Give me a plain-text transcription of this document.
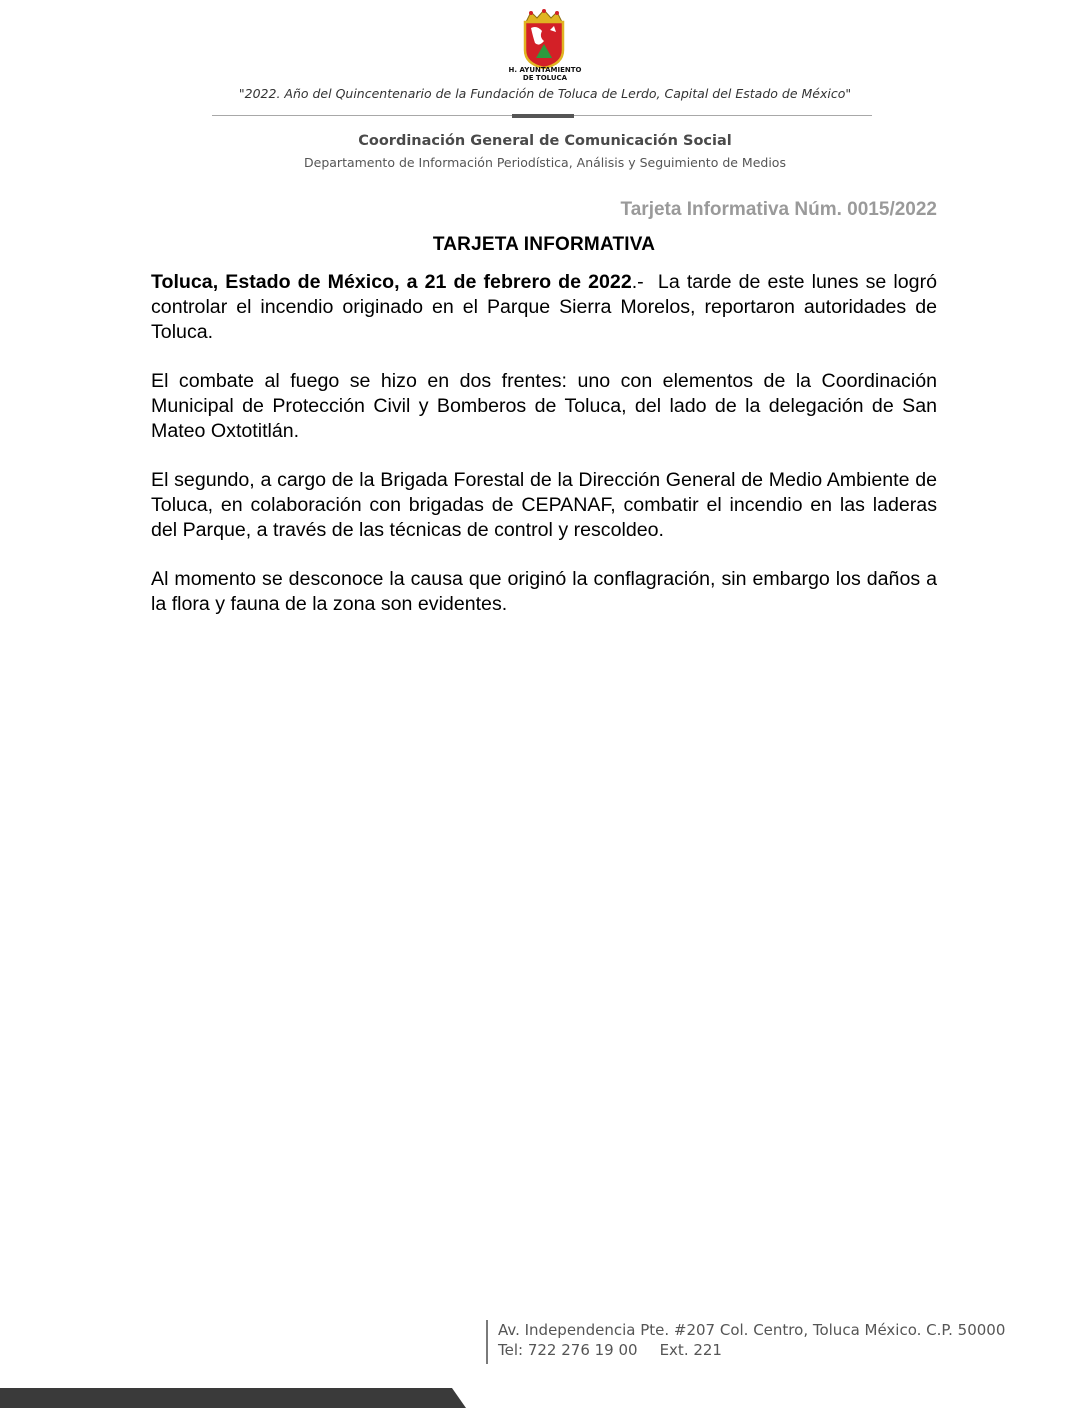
H. AYUNTAMIENTO
DE TOLUCA
"2022. Año del Quincentenario de la Fundación de Toluca de Lerdo, Capital del Estado de México"
Coordinación General de Comunicación Social
Departamento de Información Periodística, Análisis y Seguimiento de Medios
Tarjeta Informativa Núm. 0015/2022
TARJETA INFORMATIVA

Toluca, Estado de México, a 21 de febrero de 2022.-  La tarde de este lunes se logró controlar el incendio originado en el Parque Sierra Morelos, reportaron autoridades de Toluca.

El combate al fuego se hizo en dos frentes: uno con elementos de la Coordinación Municipal de Protección Civil y Bomberos de Toluca, del lado de la delegación de San Mateo Oxtotitlán.

El segundo, a cargo de la Brigada Forestal de la Dirección General de Medio Ambiente de Toluca, en colaboración con brigadas de CEPANAF, combatir el incendio en las laderas del Parque, a través de las técnicas de control y rescoldeo.

Al momento se desconoce la causa que originó la conflagración, sin embargo los daños a la flora y fauna de la zona son evidentes.

Av. Independencia Pte. #207 Col. Centro, Toluca México. C.P. 50000
Tel: 722 276 19 00 Ext. 221
